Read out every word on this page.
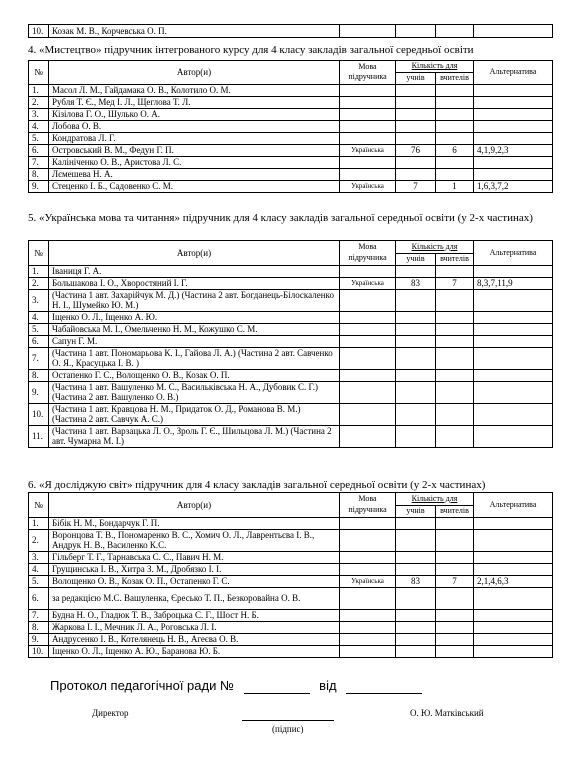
10.	Козак М. В., Корчевська О. П.				

4. «Мистецтво» підручник інтегрованого курсу для 4 класу закладів загальної середньої освіти

№	Автор(и)	Мова підручника	Кількість для		Альтернатива
			учнів	вчителів	
1.	Масол Л. М., Гайдамака О. В., Колотило О. М.				
2.	Рубля Т. Є., Мед І. Л., Щеглова Т. Л.				
3.	Кізілова Г. О., Шулько О. А.				
4.	Лобова О. В.				
5.	Кондратова Л. Г.				
6.	Островський В. М., Федун Г. П.	Українська	76	6	4,1,9,2,3
7.	Калініченко О. В., Аристова Л. С.				
8.	Лємешева Н. А.				
9.	Стеценко І. Б., Садовенко С. М.	Українська	7	1	1,6,3,7,2

5. «Українська мова та читання» підручник для 4 класу закладів загальної середньої освіти (у 2-х частинах)

№	Автор(и)	Мова підручника	Кількість для		Альтернатива
			учнів	вчителів	
1.	Іваниця Г. А.				
2.	Большакова І. О., Хворостяний І. Г.	Українська	83	7	8,3,7,11,9
3.	(Частина 1 авт. Захарійчук М. Д.) (Частина 2 авт. Богданець-Білоскаленко Н. І., Шумейко Ю. М.)				
4.	Іщенко О. Л., Іщенко А. Ю.				
5.	Чабайовська М. І., Омельченко Н. М., Кожушко С. М.				
6.	Сапун Г. М.				
7.	(Частина 1 авт. Пономарьова К. І., Гайова Л. А.) (Частина 2 авт. Савченко О. Я., Красуцька І. В. )				
8.	Остапенко Г. С., Волощенко О. В., Козак О. П.				
9.	(Частина 1 авт. Вашуленко М. С., Васильківська Н. А., Дубовик С. Г.) (Частина 2 авт. Вашуленко О. В.)				
10.	(Частина 1 авт. Кравцова Н. М., Придаток О. Д., Романова В. М.) (Частина 2 авт. Савчук А. С.)				
11.	(Частина 1 авт. Варзацька Л. О., Зроль Г. Є., Шильцова Л. М.) (Частина 2 авт. Чумарна М. І.)				

6. «Я досліджую світ» підручник для 4 класу закладів загальної середньої освіти (у 2-х частинах)

№	Автор(и)	Мова підручника	Кількість для		Альтернатива
			учнів	вчителів	
1.	Бібік Н. М., Бондарчук Г. П.				
2.	Воронцова Т. В., Пономаренко В. С., Хомич О. Л., Лаврентьєва І. В., Андрук Н. В., Василенко К.С.				
3.	Гільберг Т. Г., Тарнавська С. С., Павич Н. М.				
4.	Грущинська І. В., Хитра З. М., Дробязко І. І.				
5.	Волощенко О. В., Козак О. П., Остапенко Г. С.	Українська	83	7	2,1,4,6,3
6.	за редакцією М.С. Вашуленка, Єресько Т. П., Безкоровайна О. В.				
7.	Будна Н. О., Гладюк Т. В., Заброцька С. Г., Шост Н. Б.				
8.	Жаркова І. І., Мечник Л. А., Роговська Л. І.				
9.	Андрусенко І. В., Котелянець Н. В., Агеєва О. В.				
10.	Іщенко О. Л., Іщенко А. Ю., Баранова Ю. Б.				
Протокол педагогічної ради №	від
Директор
(підпис)
О. Ю. Матківський
